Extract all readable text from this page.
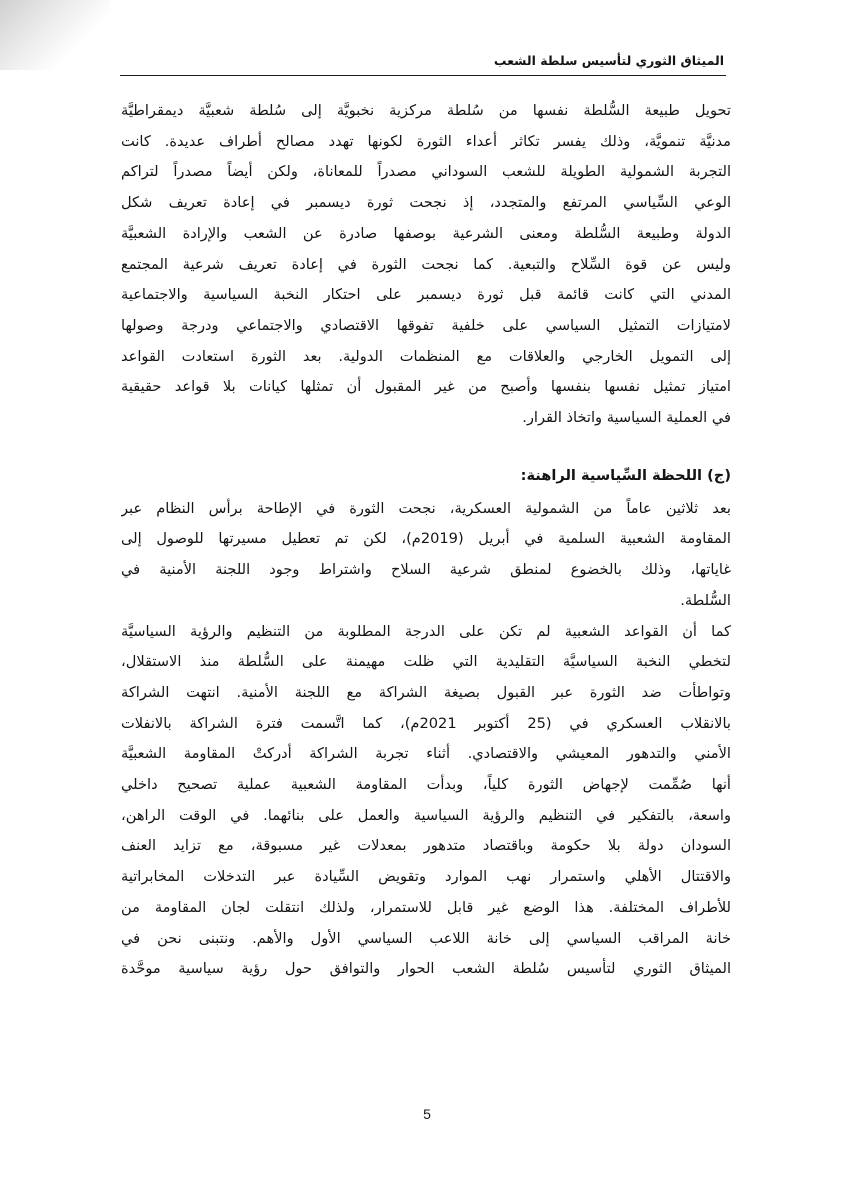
الميثاق الثوري لتأسيس سلطة الشعب
تحويل طبيعة السُّلطة نفسها من سُلطة مركزية نخبويَّة إلى سُلطة شعبيَّة ديمقراطيَّة
مدنيَّة تنمويَّة، وذلك يفسر تكاثر أعداء الثورة لكونها تهدد مصالح أطراف عديدة. كانت
التجربة الشمولية الطويلة للشعب السوداني مصدراً للمعاناة، ولكن أيضاً مصدراً لتراكم
الوعي السِّياسي المرتفع والمتجدد، إذ نجحت ثورة ديسمبر في إعادة تعريف شكل
الدولة وطبيعة السُّلطة ومعنى الشرعية بوصفها صادرة عن الشعب والإرادة الشعبيَّة
وليس عن قوة السِّلاح والتبعية. كما نجحت الثورة في إعادة تعريف شرعية المجتمع
المدني التي كانت قائمة قبل ثورة ديسمبر على احتكار النخبة السياسية والاجتماعية
لامتيازات التمثيل السياسي على خلفية تفوقها الاقتصادي والاجتماعي ودرجة وصولها
إلى التمويل الخارجي والعلاقات مع المنظمات الدولية. بعد الثورة استعادت القواعد
امتياز تمثيل نفسها بنفسها وأصبح من غير المقبول أن تمثلها كيانات بلا قواعد حقيقية
في العملية السياسية واتخاذ القرار.
(ج) اللحظة السِّياسية الراهنة:
بعد ثلاثين عاماً من الشمولية العسكرية، نجحت الثورة في الإطاحة برأس النظام عبر
المقاومة الشعبية السلمية في أبريل (2019م)، لكن تم تعطيل مسيرتها للوصول إلى
غاياتها، وذلك بالخضوع لمنطق شرعية السلاح واشتراط وجود اللجنة الأمنية في
السُّلطة.
كما أن القواعد الشعبية لم تكن على الدرجة المطلوبة من التنظيم والرؤية السياسيَّة
لتخطي النخبة السياسيَّة التقليدية التي ظلت مهيمنة على السُّلطة منذ الاستقلال،
وتواطأت ضد الثورة عبر القبول بصيغة الشراكة مع اللجنة الأمنية. انتهت الشراكة
بالانقلاب العسكري في (25 أكتوبر 2021م)، كما اتَّسمت فترة الشراكة بالانفلات
الأمني والتدهور المعيشي والاقتصادي. أثناء تجربة الشراكة أدركتْ المقاومة الشعبيَّة
أنها صُمِّمت لإجهاض الثورة كلياً، وبدأت المقاومة الشعبية عملية تصحيح داخلي
واسعة، بالتفكير في التنظيم والرؤية السياسية والعمل على بنائهما. في الوقت الراهن،
السودان دولة بلا حكومة وباقتصاد متدهور بمعدلات غير مسبوقة، مع تزايد العنف
والاقتتال الأهلي واستمرار نهب الموارد وتقويض السِّيادة عبر التدخلات المخابراتية
للأطراف المختلفة. هذا الوضع غير قابل للاستمرار، ولذلك انتقلت لجان المقاومة من
خانة المراقب السياسي إلى خانة اللاعب السياسي الأول والأهم. ونتبنى نحن في
الميثاق الثوري لتأسيس سُلطة الشعب الحوار والتوافق حول رؤية سياسية موحَّدة
5
